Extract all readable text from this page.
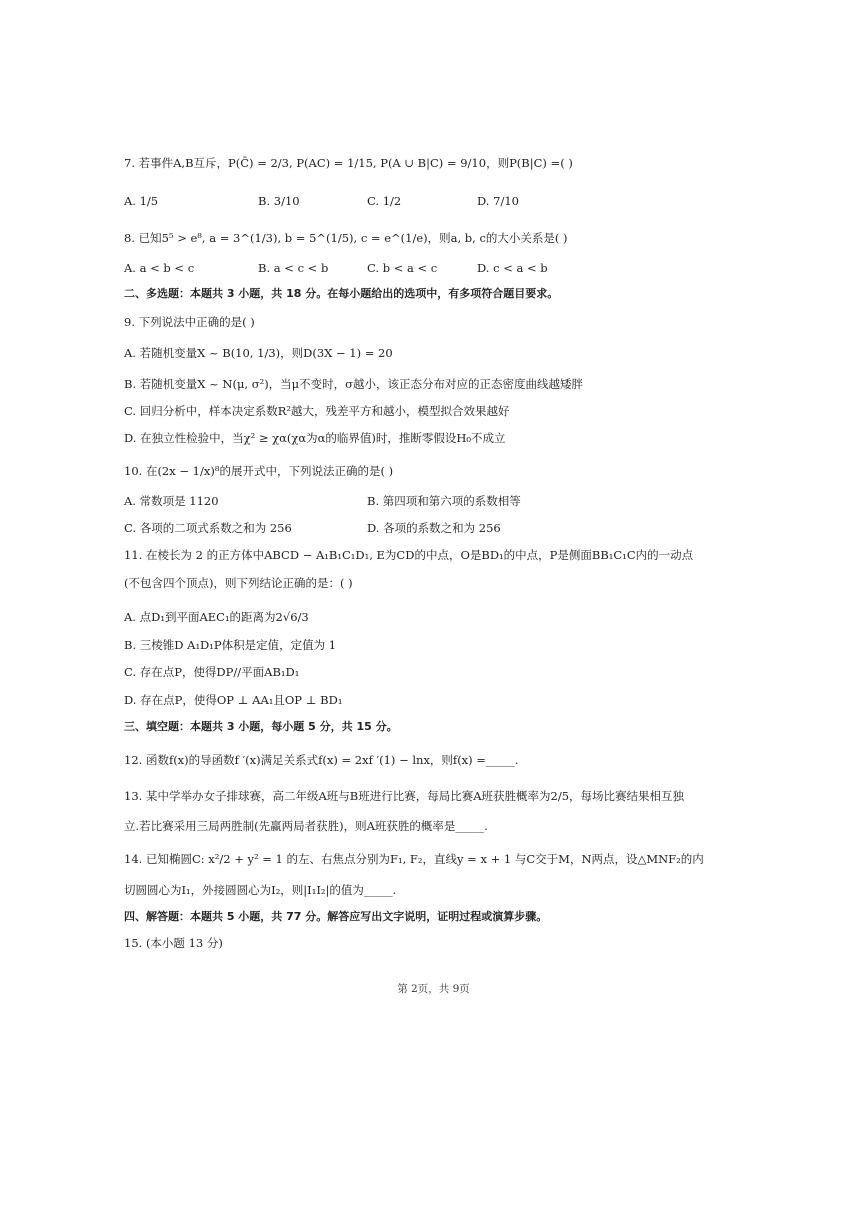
7. 若事件A,B互斥，P(C̄) = 2/3, P(AC) = 1/15, P(A ∪ B|C) = 9/10，则P(B|C) =( )
A. 1/5	B. 3/10	C. 1/2	D. 7/10
8. 已知5⁵ > e⁸, a = 3^(1/3), b = 5^(1/5), c = e^(1/e)，则a, b, c的大小关系是( )
A. a < b < c	B. a < c < b	C. b < a < c	D. c < a < b
二、多选题：本题共 3 小题，共 18 分。在每小题给出的选项中，有多项符合题目要求。
9. 下列说法中正确的是( )
A. 若随机变量X ~ B(10, 1/3)，则D(3X − 1) = 20
B. 若随机变量X ~ N(μ, σ²)，当μ不变时，σ越小，该正态分布对应的正态密度曲线越矮胖
C. 回归分析中，样本决定系数R²越大，残差平方和越小，模型拟合效果越好
D. 在独立性检验中，当χ² ≥ χα(χα为α的临界值)时，推断零假设H₀不成立
10. 在(2x − 1/x)⁸的展开式中，下列说法正确的是( )
A. 常数项是 1120	B. 第四项和第六项的系数相等
C. 各项的二项式系数之和为 256	D. 各项的系数之和为 256
11. 在棱长为 2 的正方体中ABCD − A₁B₁C₁D₁, E为CD的中点，O是BD₁的中点，P是侧面BB₁C₁C内的一动点
(不包含四个顶点)，则下列结论正确的是：( )
A. 点D₁到平面AEC₁的距离为2√6/3
B. 三棱锥D A₁D₁P体积是定值，定值为 1
C. 存在点P，使得DP//平面AB₁D₁
D. 存在点P，使得OP ⊥ AA₁且OP ⊥ BD₁
三、填空题：本题共 3 小题，每小题 5 分，共 15 分。
12. 函数f(x)的导函数f ′(x)满足关系式f(x) = 2xf ′(1) − lnx，则f(x) =_____.
13. 某中学举办女子排球赛，高二年级A班与B班进行比赛，每局比赛A班获胜概率为2/5，每场比赛结果相互独
立.若比赛采用三局两胜制(先赢两局者获胜)，则A班获胜的概率是_____.
14. 已知椭圆C: x²/2 + y² = 1 的左、右焦点分别为F₁, F₂，直线y = x + 1 与C交于M，N两点，设△MNF₂的内
切圆圆心为I₁，外接圆圆心为I₂，则|I₁I₂|的值为_____.
四、解答题：本题共 5 小题，共 77 分。解答应写出文字说明，证明过程或演算步骤。
15. (本小题 13 分)
第 2页，共 9页
